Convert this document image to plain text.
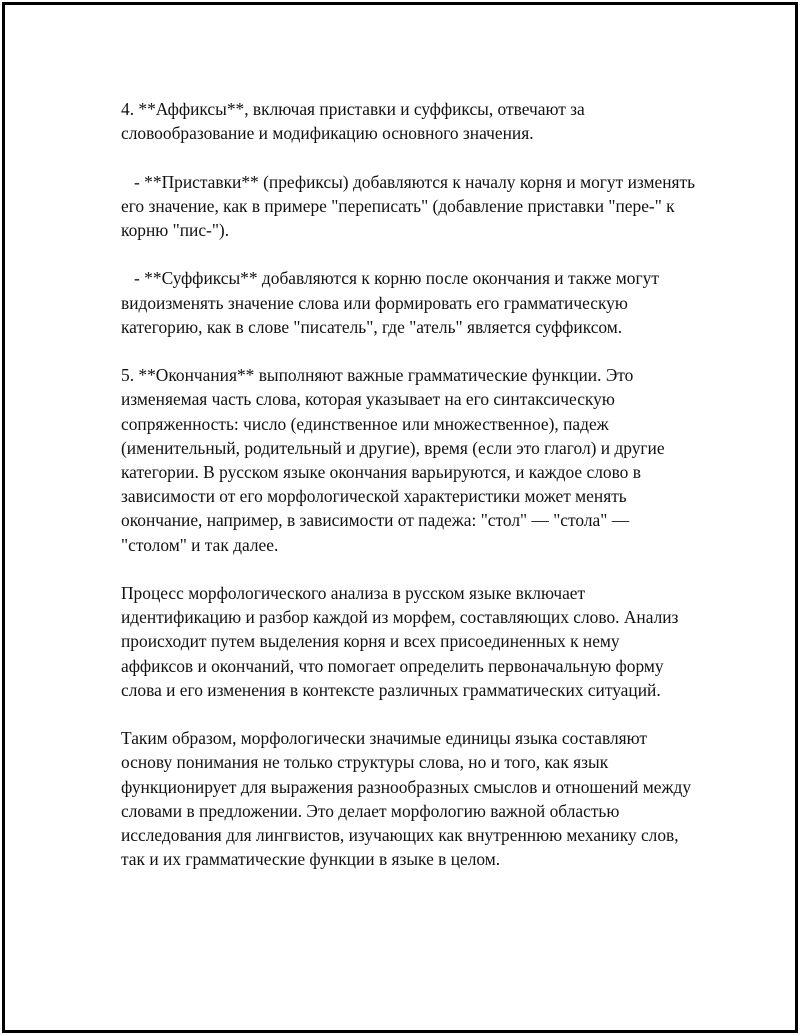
4. **Аффиксы**, включая приставки и суффиксы, отвечают за словообразование и модификацию основного значения.

- **Приставки** (префиксы) добавляются к началу корня и могут изменять его значение, как в примере "переписать" (добавление приставки "пере-" к корню "пис-").

- **Суффиксы** добавляются к корню после окончания и также могут видоизменять значение слова или формировать его грамматическую категорию, как в слове "писатель", где "атель" является суффиксом.

5. **Окончания** выполняют важные грамматические функции. Это изменяемая часть слова, которая указывает на его синтаксическую сопряженность: число (единственное или множественное), падеж (именительный, родительный и другие), время (если это глагол) и другие категории. В русском языке окончания варьируются, и каждое слово в зависимости от его морфологической характеристики может менять окончание, например, в зависимости от падежа: "стол" — "стола" — "столом" и так далее.

Процесс морфологического анализа в русском языке включает идентификацию и разбор каждой из морфем, составляющих слово. Анализ происходит путем выделения корня и всех присоединенных к нему аффиксов и окончаний, что помогает определить первоначальную форму слова и его изменения в контексте различных грамматических ситуаций.

Таким образом, морфологически значимые единицы языка составляют основу понимания не только структуры слова, но и того, как язык функционирует для выражения разнообразных смыслов и отношений между словами в предложении. Это делает морфологию важной областью исследования для лингвистов, изучающих как внутреннюю механику слов, так и их грамматические функции в языке в целом.
